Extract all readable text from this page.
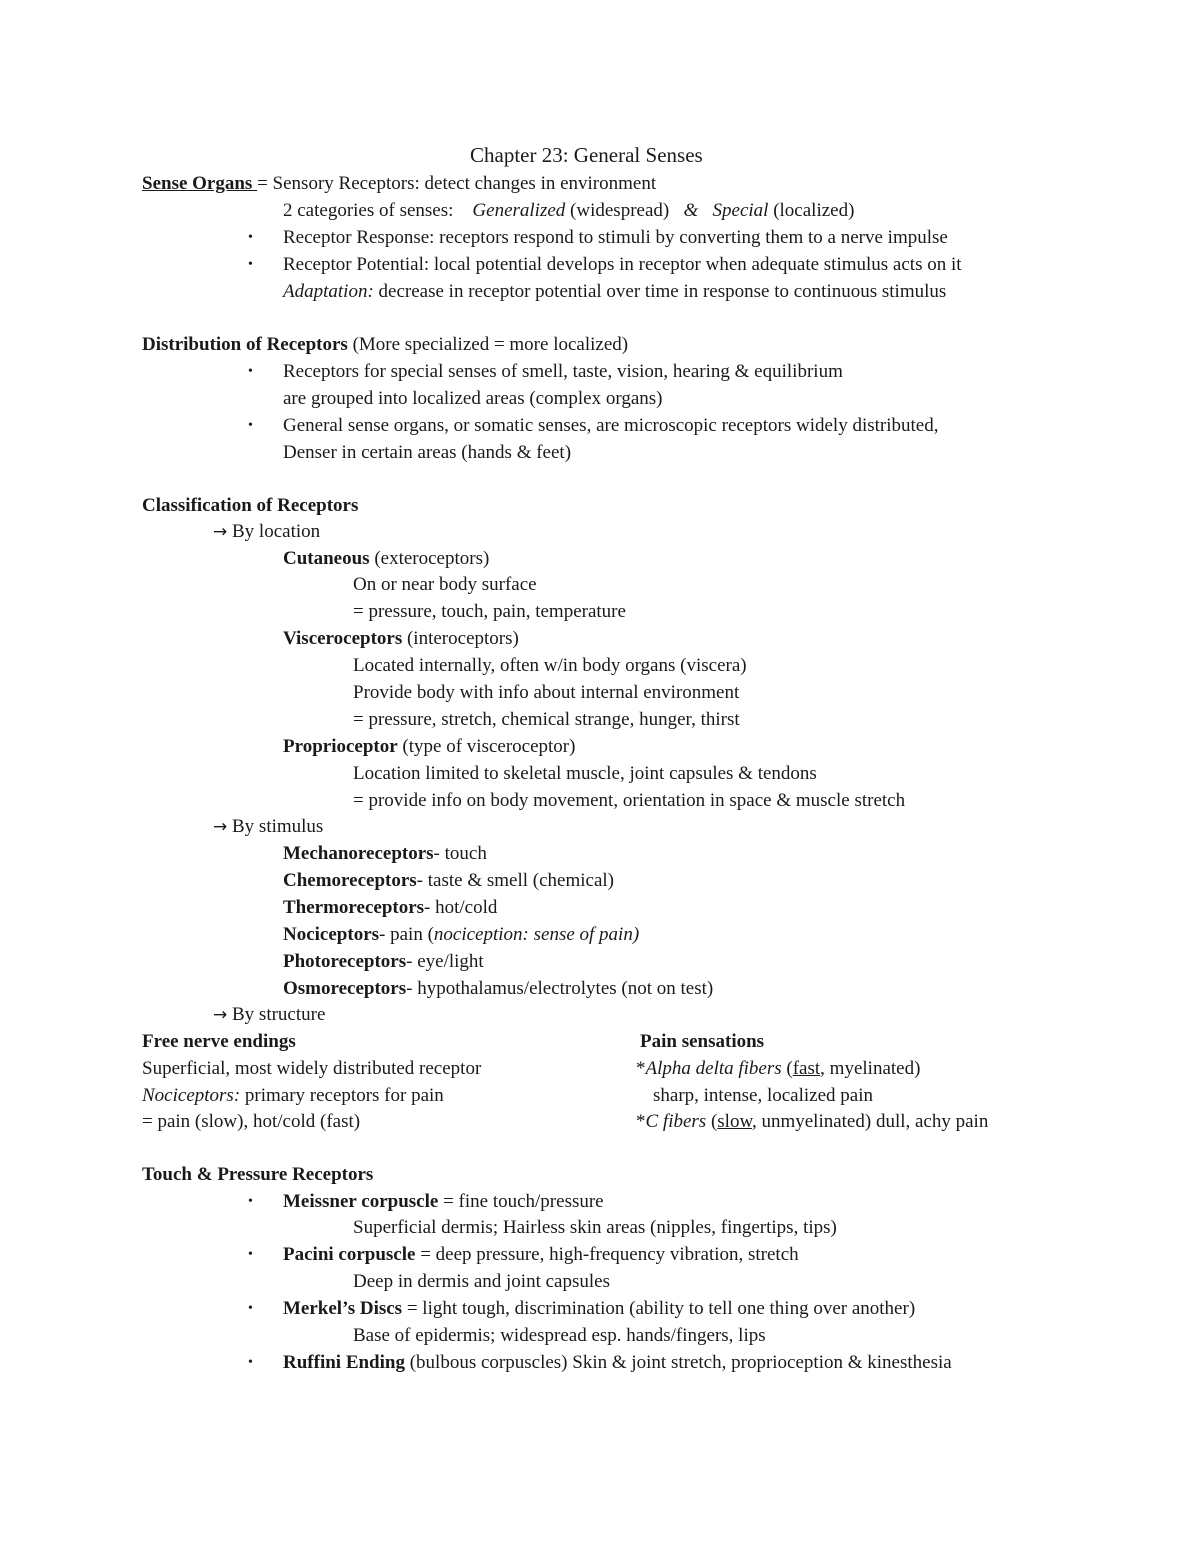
Chapter 23: General Senses
Sense Organs = Sensory Receptors: detect changes in environment
2 categories of senses: Generalized (widespread) & Special (localized)
• Receptor Response: receptors respond to stimuli by converting them to a nerve impulse
• Receptor Potential: local potential develops in receptor when adequate stimulus acts on it
Adaptation: decrease in receptor potential over time in response to continuous stimulus
Distribution of Receptors (More specialized = more localized)
• Receptors for special senses of smell, taste, vision, hearing & equilibrium
are grouped into localized areas (complex organs)
• General sense organs, or somatic senses, are microscopic receptors widely distributed,
Denser in certain areas (hands & feet)
Classification of Receptors
→ By location
Cutaneous (exteroceptors)
On or near body surface
= pressure, touch, pain, temperature
Visceroceptors (interoceptors)
Located internally, often w/in body organs (viscera)
Provide body with info about internal environment
= pressure, stretch, chemical strange, hunger, thirst
Proprioceptor (type of visceroceptor)
Location limited to skeletal muscle, joint capsules & tendons
= provide info on body movement, orientation in space & muscle stretch
→ By stimulus
Mechanoreceptors- touch
Chemoreceptors- taste & smell (chemical)
Thermoreceptors- hot/cold
Nociceptors- pain (nociception: sense of pain)
Photoreceptors- eye/light
Osmoreceptors- hypothalamus/electrolytes (not on test)
→ By structure
Free nerve endings
Superficial, most widely distributed receptor
Nociceptors: primary receptors for pain
= pain (slow), hot/cold (fast)
Pain sensations
*Alpha delta fibers (fast, myelinated)
sharp, intense, localized pain
*C fibers (slow, unmyelinated) dull, achy pain
Touch & Pressure Receptors
• Meissner corpuscle = fine touch/pressure
Superficial dermis; Hairless skin areas (nipples, fingertips, tips)
• Pacini corpuscle = deep pressure, high-frequency vibration, stretch
Deep in dermis and joint capsules
• Merkel’s Discs = light tough, discrimination (ability to tell one thing over another)
Base of epidermis; widespread esp. hands/fingers, lips
• Ruffini Ending (bulbous corpuscles) Skin & joint stretch, proprioception & kinesthesia
